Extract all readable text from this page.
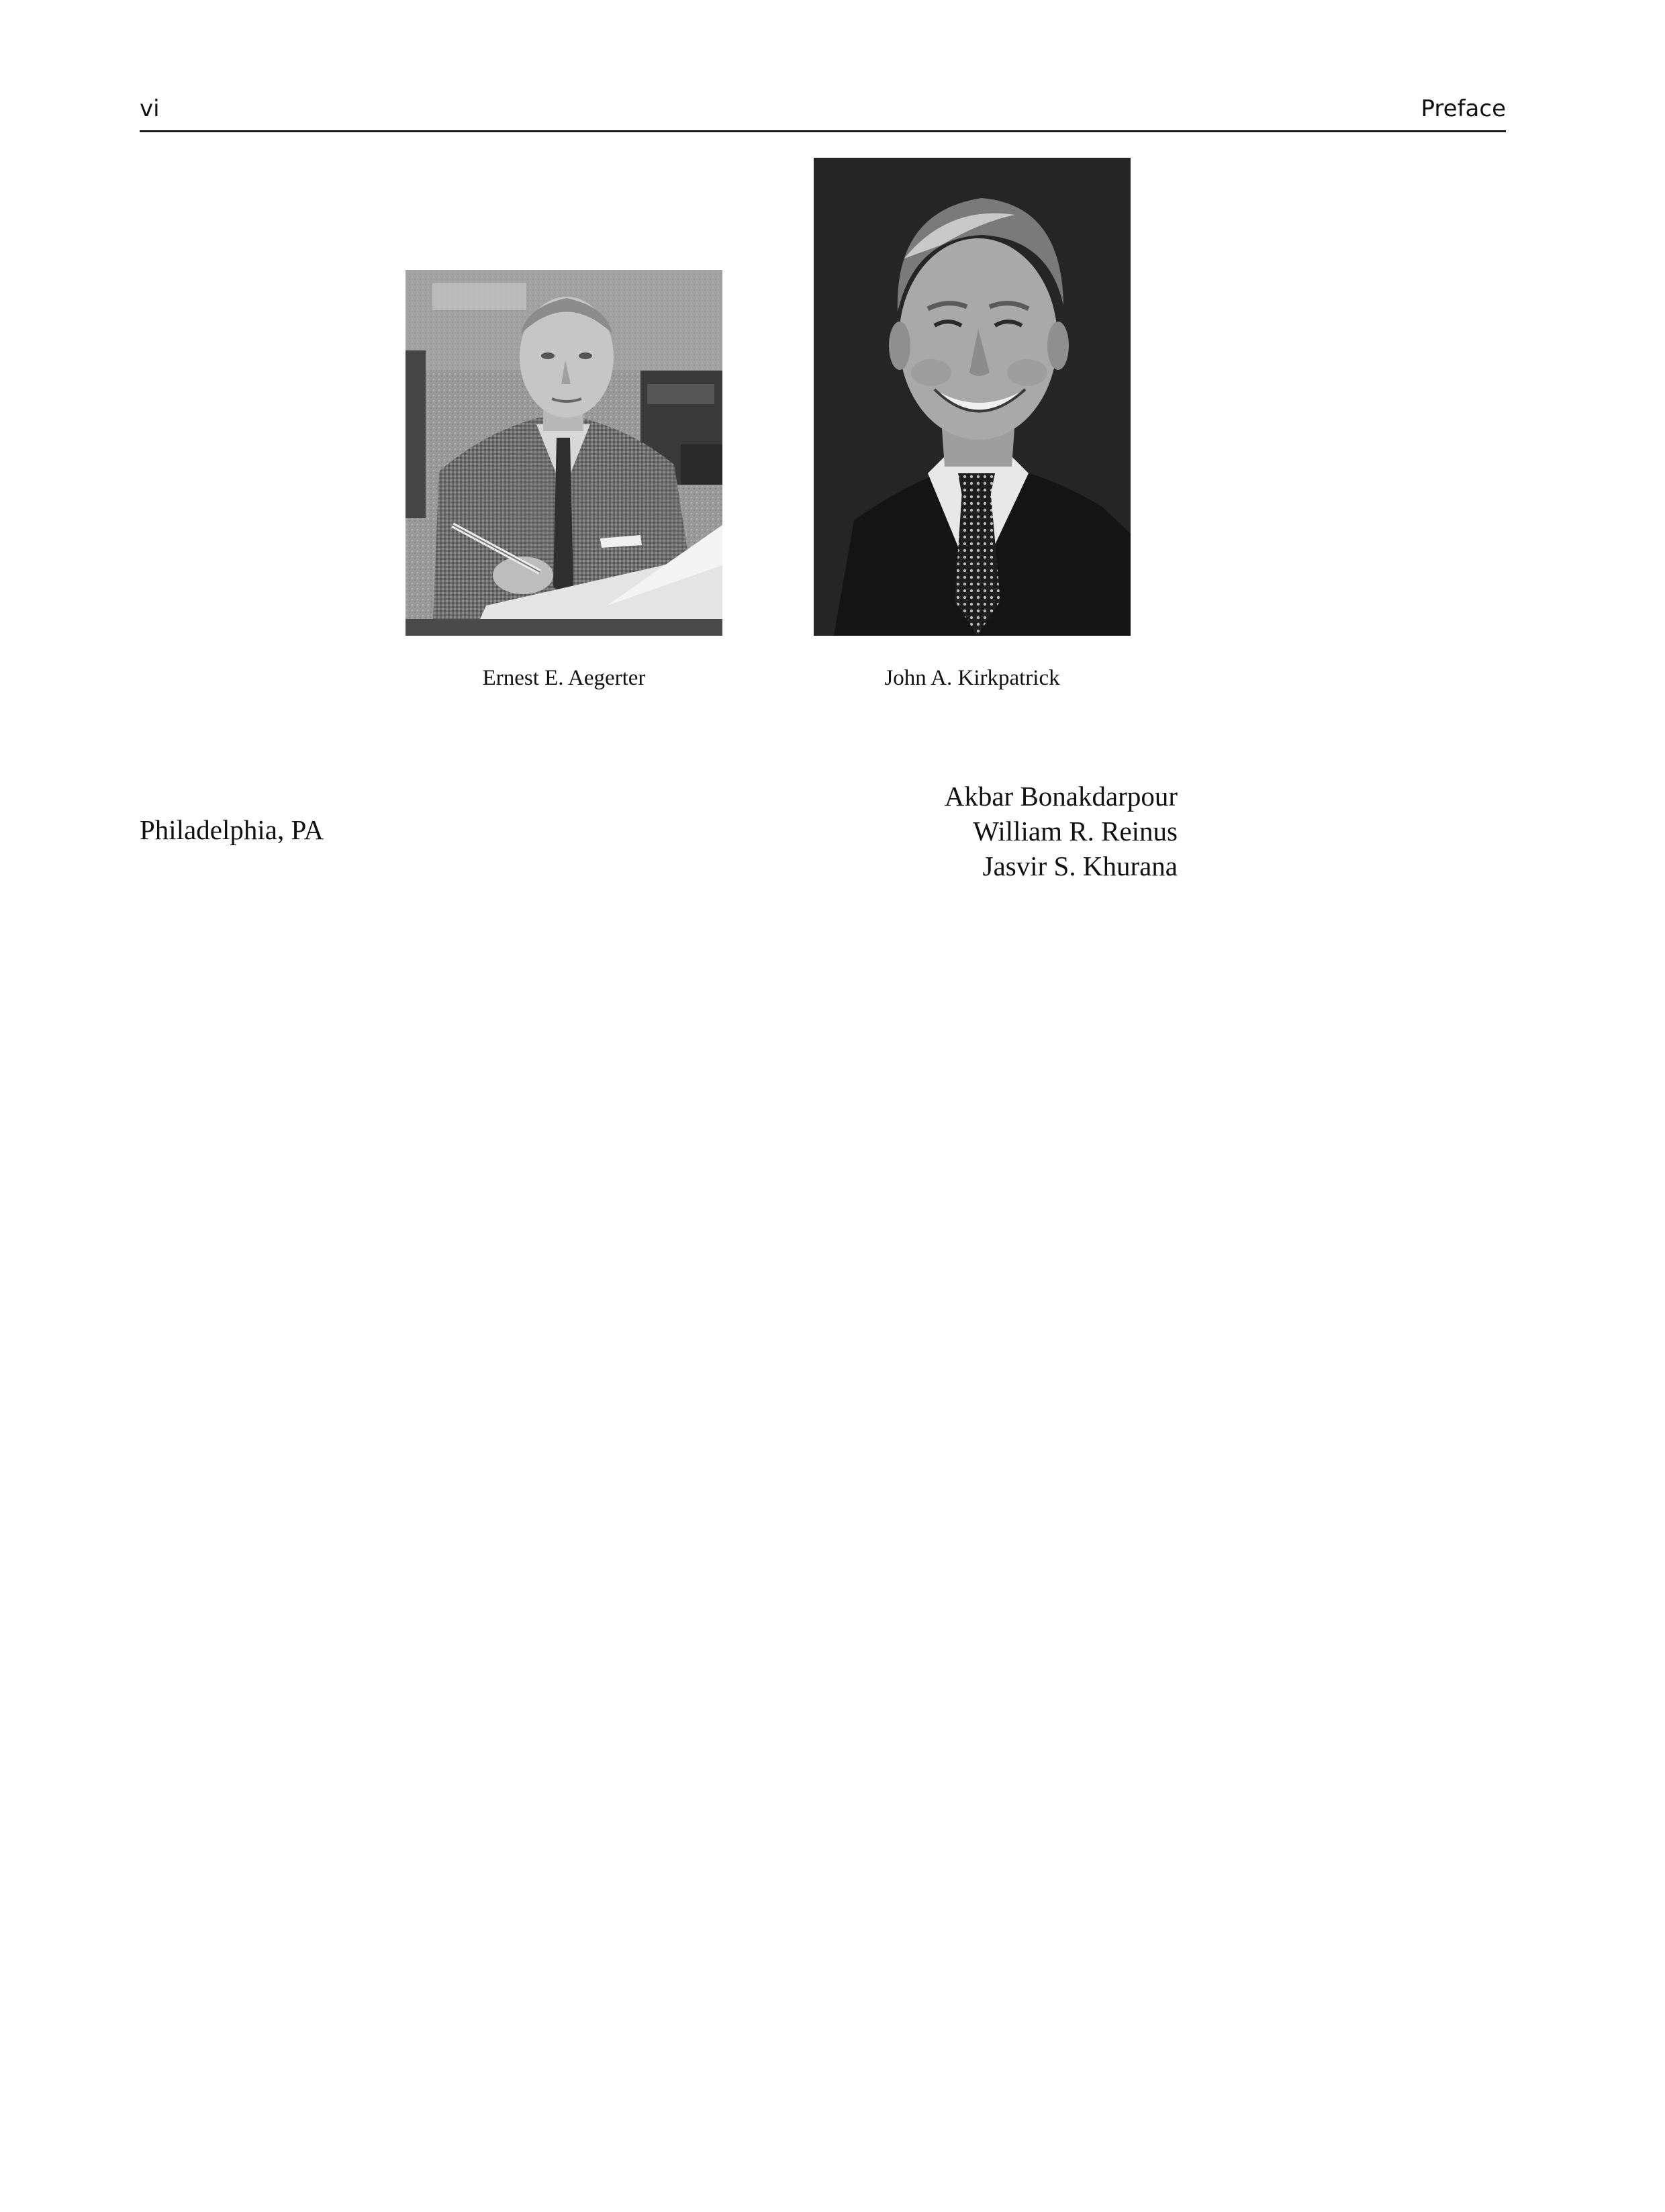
vi	Preface
Ernest E. Aegerter	John A. Kirkpatrick
Philadelphia, PA
Akbar Bonakdarpour
William R. Reinus
Jasvir S. Khurana
